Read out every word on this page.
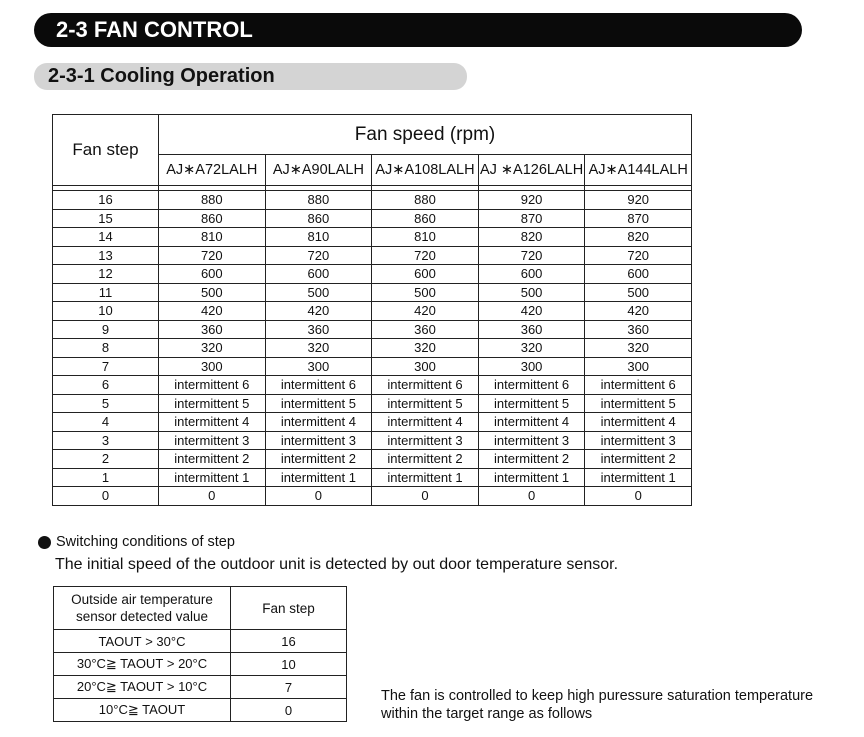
2-3 FAN CONTROL
2-3-1 Cooling Operation
Fan step	Fan speed (rpm)				
	AJ∗A72LALH	AJ∗A90LALH	AJ∗A108LALH	AJ ∗A126LALH	AJ∗A144LALH

16	880	880	880	920	920
15	860	860	860	870	870
14	810	810	810	820	820
13	720	720	720	720	720
12	600	600	600	600	600
11	500	500	500	500	500
10	420	420	420	420	420
9	360	360	360	360	360
8	320	320	320	320	320
7	300	300	300	300	300
6	intermittent 6	intermittent 6	intermittent 6	intermittent 6	intermittent 6
5	intermittent 5	intermittent 5	intermittent 5	intermittent 5	intermittent 5
4	intermittent 4	intermittent 4	intermittent 4	intermittent 4	intermittent 4
3	intermittent 3	intermittent 3	intermittent 3	intermittent 3	intermittent 3
2	intermittent 2	intermittent 2	intermittent 2	intermittent 2	intermittent 2
1	intermittent 1	intermittent 1	intermittent 1	intermittent 1	intermittent 1
0	0	0	0	0	0
Switching conditions of step
The initial speed of the outdoor unit is detected by out door temperature sensor.
Outside air temperature
sensor detected value	Fan step
TAOUT > 30°C	16
30°C≧ TAOUT > 20°C	10
20°C≧ TAOUT > 10°C	7
10°C≧ TAOUT	0
The fan is controlled to keep high puressure saturation temperature
within the target range as follows
